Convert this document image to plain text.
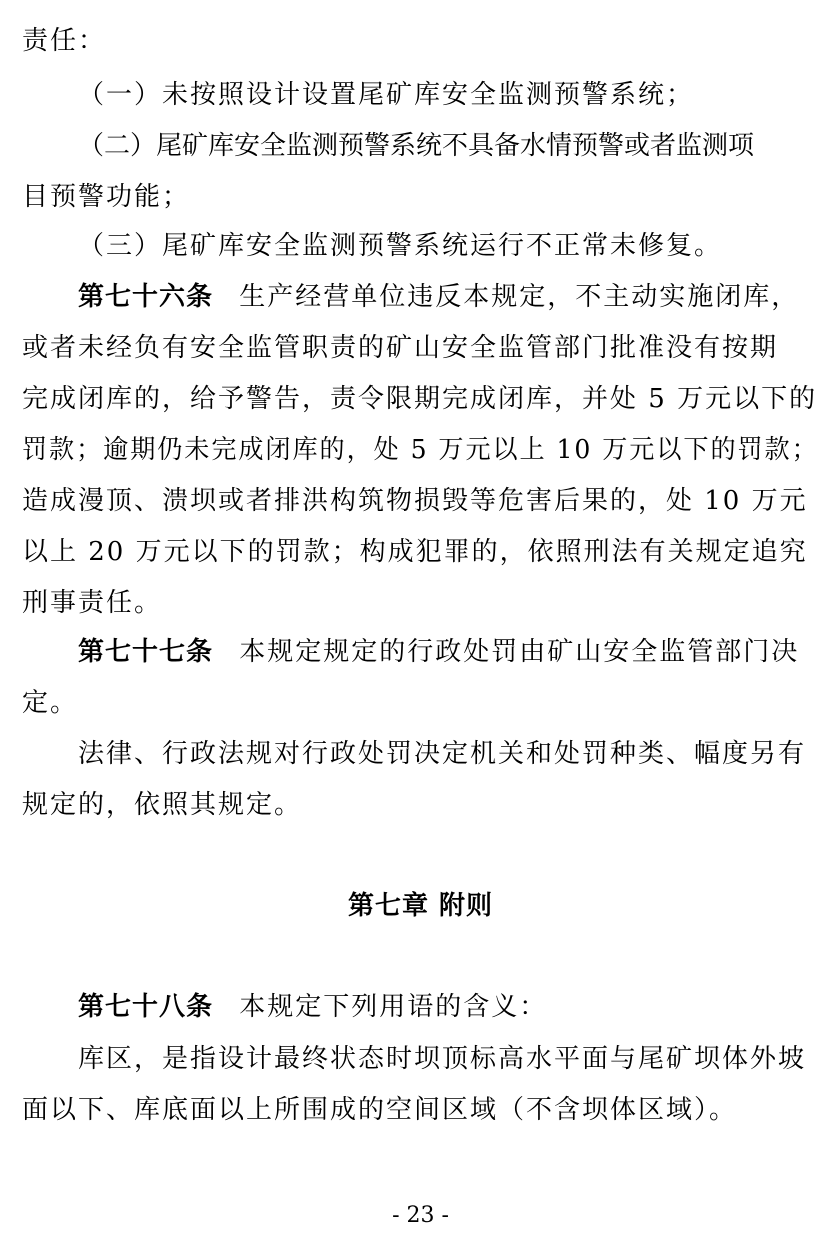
责任：
（一）未按照设计设置尾矿库安全监测预警系统；
（二）尾矿库安全监测预警系统不具备水情预警或者监测项
目预警功能；
（三）尾矿库安全监测预警系统运行不正常未修复。
第七十六条 生产经营单位违反本规定，不主动实施闭库，
或者未经负有安全监管职责的矿山安全监管部门批准没有按期
完成闭库的，给予警告，责令限期完成闭库，并处 5 万元以下的
罚款；逾期仍未完成闭库的，处 5 万元以上 10 万元以下的罚款；
造成漫顶、溃坝或者排洪构筑物损毁等危害后果的，处 10 万元
以上 20 万元以下的罚款；构成犯罪的，依照刑法有关规定追究
刑事责任。
第七十七条 本规定规定的行政处罚由矿山安全监管部门决
定。
法律、行政法规对行政处罚决定机关和处罚种类、幅度另有
规定的，依照其规定。
第七章 附则
第七十八条 本规定下列用语的含义：
库区，是指设计最终状态时坝顶标高水平面与尾矿坝体外坡
面以下、库底面以上所围成的空间区域（不含坝体区域）。
- 23 -
